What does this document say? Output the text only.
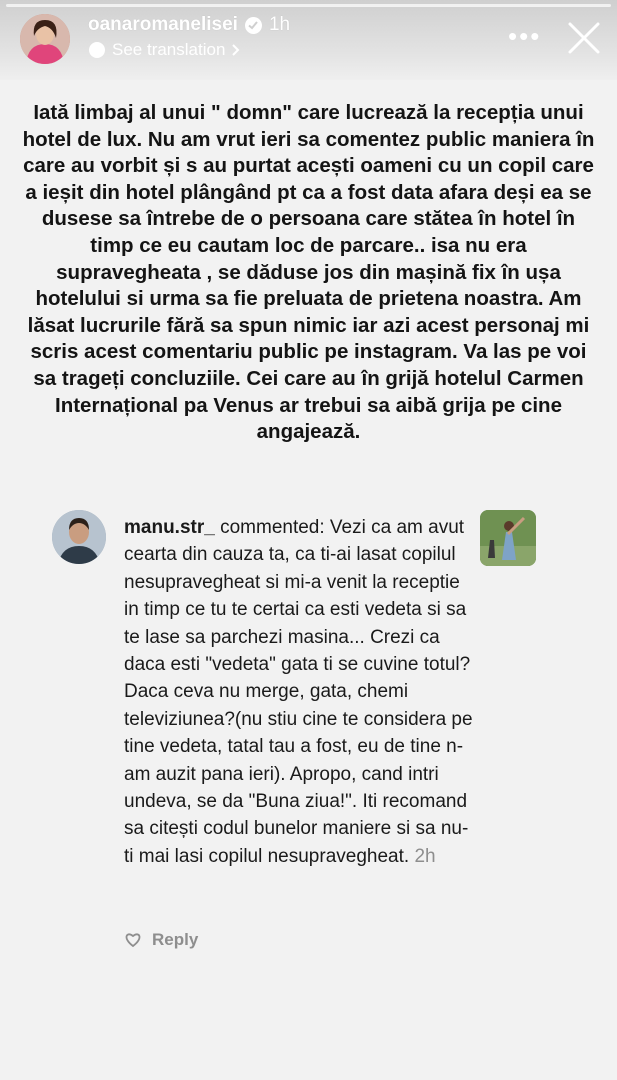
oanaromanelisei 1h
See translation	•••
Iată limbaj al unui " domn" care lucrează la recepția unui hotel de lux. Nu am vrut ieri sa comentez public maniera în care au vorbit și s au purtat acești oameni cu un copil care a ieșit din hotel plângând pt ca a fost data afara deși ea se dusese sa întrebe de o persoana care stătea în hotel în timp ce eu cautam loc de parcare.. isa nu era supravegheata , se dăduse jos din mașină fix în ușa hotelului si urma sa fie preluata de prietena noastra. Am lăsat lucrurile fără sa spun nimic iar azi acest personaj mi scris acest comentariu public pe instagram. Va las pe voi sa trageți concluziile. Cei care au în grijă hotelul Carmen Internațional pa Venus ar trebui sa aibă grija pe cine angajează.
manu.str_ commented: Vezi ca am avut cearta din cauza ta, ca ti-ai lasat copilul nesupravegheat si mi-a venit la receptie in timp ce tu te certai ca esti vedeta si sa te lase sa parchezi masina... Crezi ca daca esti "vedeta" gata ti se cuvine totul? Daca ceva nu merge, gata, chemi televiziunea?(nu stiu cine te considera pe tine vedeta, tatal tau a fost, eu de tine n-am auzit pana ieri). Apropo, cand intri undeva, se da "Buna ziua!". Iti recomand sa citești codul bunelor maniere si sa nu-ti mai lasi copilul nesupravegheat. 2h
Reply
